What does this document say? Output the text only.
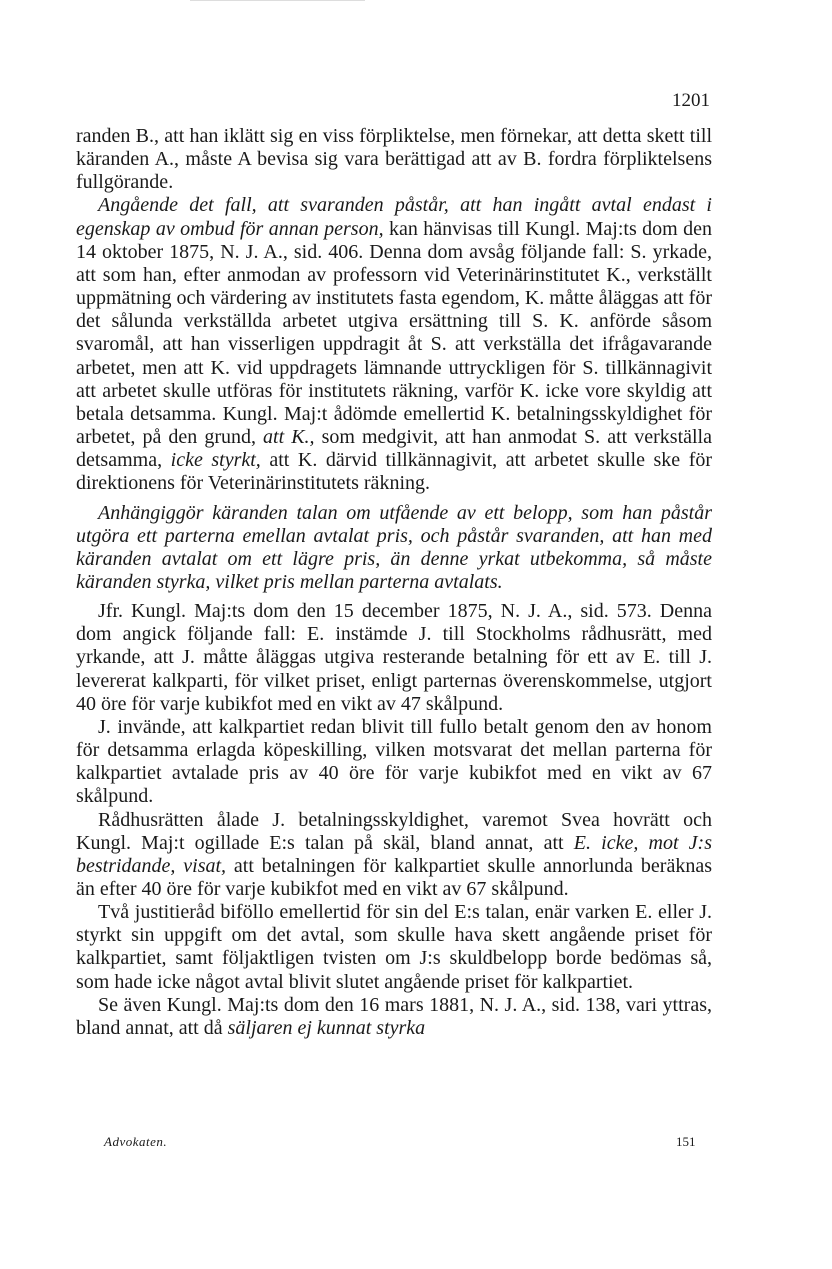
1201

randen B., att han iklätt sig en viss förpliktelse, men förnekar, att detta skett till käranden A., måste A bevisa sig vara berättigad att av B. fordra förpliktelsens fullgörande.

Angående det fall, att svaranden påstår, att han ingått avtal endast i egenskap av ombud för annan person, kan hänvisas till Kungl. Maj:ts dom den 14 oktober 1875, N. J. A., sid. 406. Denna dom avsåg följande fall: S. yrkade, att som han, efter anmodan av professorn vid Veterinärinstitutet K., verkställt uppmätning och värdering av institutets fasta egendom, K. måtte åläggas att för det sålunda verkställda arbetet utgiva ersättning till S. K. anförde såsom svaromål, att han visserligen uppdragit åt S. att verkställa det ifrågavarande arbetet, men att K. vid uppdragets lämnande uttryckligen för S. tillkännagivit att arbetet skulle utföras för institutets räkning, varför K. icke vore skyldig att betala detsamma. Kungl. Maj:t ådömde emellertid K. betalningsskyldighet för arbetet, på den grund, att K., som medgivit, att han anmodat S. att verkställa detsamma, icke styrkt, att K. därvid tillkännagivit, att arbetet skulle ske för direktionens för Veterinärinstitutets räkning.

Anhängiggör käranden talan om utfående av ett belopp, som han påstår utgöra ett parterna emellan avtalat pris, och påstår svaranden, att han med käranden avtalat om ett lägre pris, än denne yrkat utbekomma, så måste käranden styrka, vilket pris mellan parterna avtalats.

Jfr. Kungl. Maj:ts dom den 15 december 1875, N. J. A., sid. 573. Denna dom angick följande fall: E. instämde J. till Stockholms rådhusrätt, med yrkande, att J. måtte åläggas utgiva resterande betalning för ett av E. till J. levererat kalkparti, för vilket priset, enligt parternas överenskommelse, utgjort 40 öre för varje kubikfot med en vikt av 47 skålpund.

J. invände, att kalkpartiet redan blivit till fullo betalt genom den av honom för detsamma erlagda köpeskilling, vilken motsvarat det mellan parterna för kalkpartiet avtalade pris av 40 öre för varje kubikfot med en vikt av 67 skålpund.

Rådhusrätten ålade J. betalningsskyldighet, varemot Svea hovrätt och Kungl. Maj:t ogillade E:s talan på skäl, bland annat, att E. icke, mot J:s bestridande, visat, att betalningen för kalkpartiet skulle annorlunda beräknas än efter 40 öre för varje kubikfot med en vikt av 67 skålpund.

Två justitieråd biföllo emellertid för sin del E:s talan, enär varken E. eller J. styrkt sin uppgift om det avtal, som skulle hava skett angående priset för kalkpartiet, samt följaktligen tvisten om J:s skuldbelopp borde bedömas så, som hade icke något avtal blivit slutet angående priset för kalkpartiet.

Se även Kungl. Maj:ts dom den 16 mars 1881, N. J. A., sid. 138, vari yttras, bland annat, att då säljaren ej kunnat styrka

Advokaten.	151
